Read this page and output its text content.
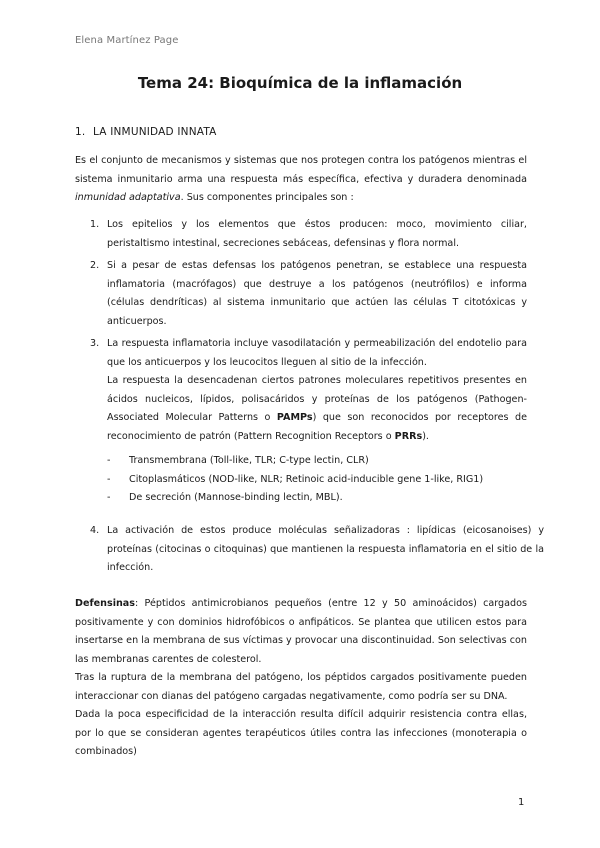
Elena Martínez Page
Tema 24: Bioquímica de la inflamación
1. LA INMUNIDAD INNATA

Es el conjunto de mecanismos y sistemas que nos protegen contra los patógenos mientras el sistema inmunitario arma una respuesta más específica, efectiva y duradera denominada inmunidad adaptativa. Sus componentes principales son :

1. Los epitelios y los elementos que éstos producen: moco, movimiento ciliar, peristaltismo intestinal, secreciones sebáceas, defensinas y flora normal.

2. Si a pesar de estas defensas los patógenos penetran, se establece una respuesta inflamatoria (macrófagos) que destruye a los patógenos (neutrófilos) e informa (células dendríticas) al sistema inmunitario que actúen las células T citotóxicas y anticuerpos.

3. La respuesta inflamatoria incluye vasodilatación y permeabilización del endotelio para que los anticuerpos y los leucocitos lleguen al sitio de la infección.

La respuesta la desencadenan ciertos patrones moleculares repetitivos presentes en ácidos nucleicos, lípidos, polisacáridos y proteínas de los patógenos (Pathogen-Associated Molecular Patterns o PAMPs) que son reconocidos por receptores de reconocimiento de patrón (Pattern Recognition Receptors o PRRs).

- Transmembrana (Toll-like, TLR; C-type lectin, CLR)
- Citoplasmáticos (NOD-like, NLR; Retinoic acid-inducible gene 1-like, RIG1)
- De secreción (Mannose-binding lectin, MBL).
4. La activación de estos produce moléculas señalizadoras : lipídicas (eicosanoises) y proteínas (citocinas o citoquinas) que mantienen la respuesta inflamatoria en el sitio de la infección.

Defensinas: Péptidos antimicrobianos pequeños (entre 12 y 50 aminoácidos) cargados positivamente y con dominios hidrofóbicos o anfipáticos. Se plantea que utilicen estos para insertarse en la membrana de sus víctimas y provocar una discontinuidad. Son selectivas con las membranas carentes de colesterol.

Tras la ruptura de la membrana del patógeno, los péptidos cargados positivamente pueden interaccionar con dianas del patógeno cargadas negativamente, como podría ser su DNA.

Dada la poca especificidad de la interacción resulta difícil adquirir resistencia contra ellas, por lo que se consideran agentes terapéuticos útiles contra las infecciones (monoterapia o combinados)

1
